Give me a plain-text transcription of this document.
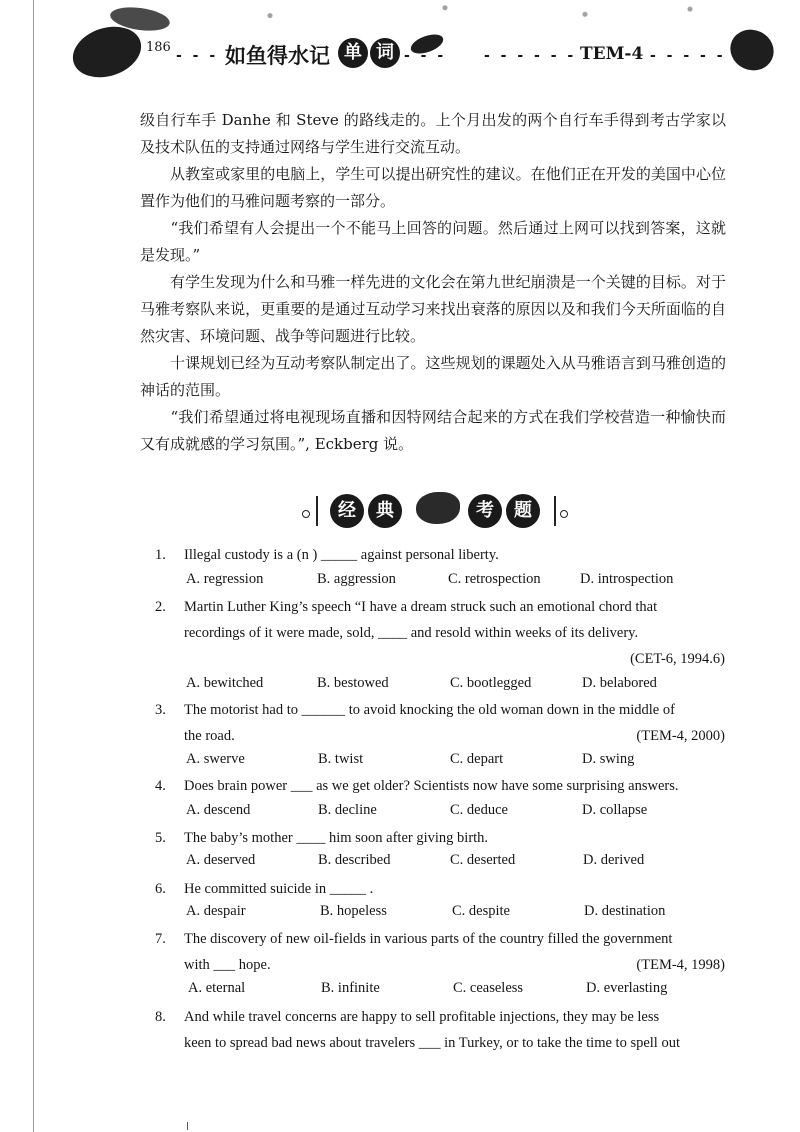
186
- - - 如鱼得水记 单 词 - - -	- - - - - - TEM-4 - - - - -
级自行车手 Danhe 和 Steve 的路线走的。上个月出发的两个自行车手得到考古学家以及技术队伍的支持通过网络与学生进行交流互动。
　　从教室或家里的电脑上，学生可以提出研究性的建议。在他们正在开发的美国中心位置作为他们的马雅问题考察的一部分。
　　“我们希望有人会提出一个不能马上回答的问题。然后通过上网可以找到答案，这就是发现。”
　　有学生发现为什么和马雅一样先进的文化会在第九世纪崩溃是一个关键的目标。对于马雅考察队来说，更重要的是通过互动学习来找出衰落的原因以及和我们今天所面临的自然灾害、环境问题、战争等问题进行比较。
　　十课规划已经为互动考察队制定出了。这些规划的课题处入从马雅语言到马雅创造的神话的范围。
　　“我们希望通过将电视现场直播和因特网结合起来的方式在我们学校营造一种愉快而又有成就感的学习氛围。”, Eckberg 说。
经	典	考	题
1. Illegal custody is a (n ) _____ against personal liberty.
A. regression	B. aggression	C. retrospection	D. introspection
2. Martin Luther King’s speech “I have a dream struck such an emotional chord that
recordings of it were made, sold, ____ and resold within weeks of its delivery.
(CET-6, 1994.6)
A. bewitched	B. bestowed	C. bootlegged	D. belabored
3. The motorist had to ______ to avoid knocking the old woman down in the middle of
the road.	(TEM-4, 2000)
A. swerve	B. twist	C. depart	D. swing
4. Does brain power ___ as we get older? Scientists now have some surprising answers.
A. descend	B. decline	C. deduce	D. collapse
5. The baby’s mother ____ him soon after giving birth.
A. deserved	B. described	C. deserted	D. derived
6. He committed suicide in _____ .
A. despair	B. hopeless	C. despite	D. destination
7. The discovery of new oil-fields in various parts of the country filled the government
with ___ hope.	(TEM-4, 1998)
A. eternal	B. infinite	C. ceaseless	D. everlasting
8. And while travel concerns are happy to sell profitable injections, they may be less
keen to spread bad news about travelers ___ in Turkey, or to take the time to spell out
